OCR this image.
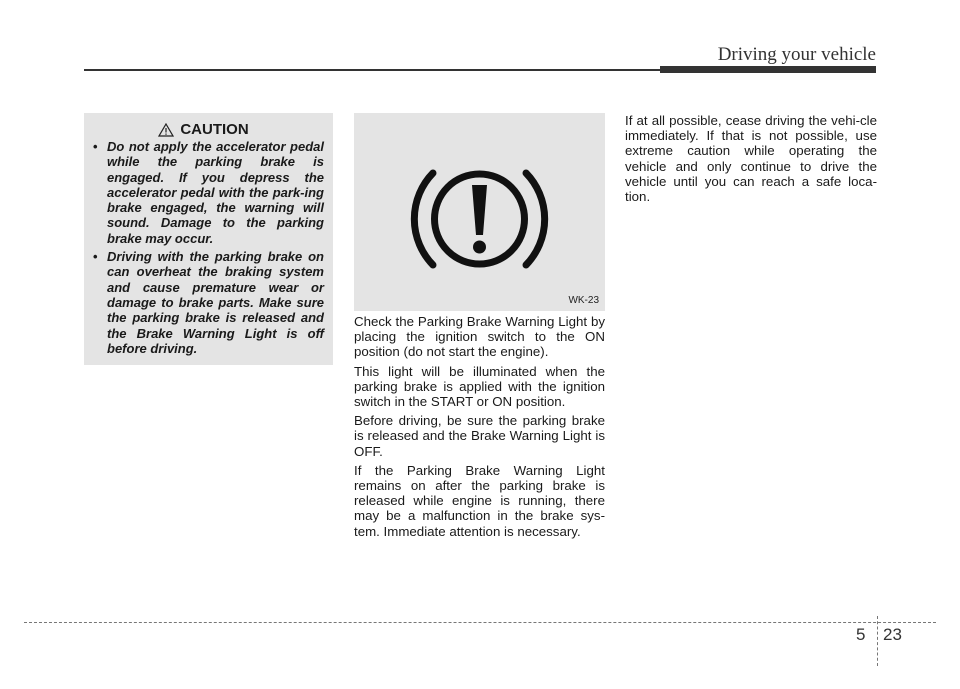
Driving your vehicle
CAUTION
• Do not apply the accelerator pedal while the parking brake is engaged. If you depress the accelerator pedal with the park-ing brake engaged, the warning will sound. Damage to the parking brake may occur.
• Driving with the parking brake on can overheat the braking system and cause premature wear or damage to brake parts. Make sure the parking brake is released and the Brake Warning Light is off before driving.
WK-23

Check the Parking Brake Warning Light by placing the ignition switch to the ON position (do not start the engine).

This light will be illuminated when the parking brake is applied with the ignition switch in the START or ON position.

Before driving, be sure the parking brake is released and the Brake Warning Light is OFF.

If the Parking Brake Warning Light remains on after the parking brake is released while engine is running, there may be a malfunction in the brake sys-tem. Immediate attention is necessary.

If at all possible, cease driving the vehi-cle immediately. If that is not possible, use extreme caution while operating the vehicle and only continue to drive the vehicle until you can reach a safe loca-tion.

5 23
